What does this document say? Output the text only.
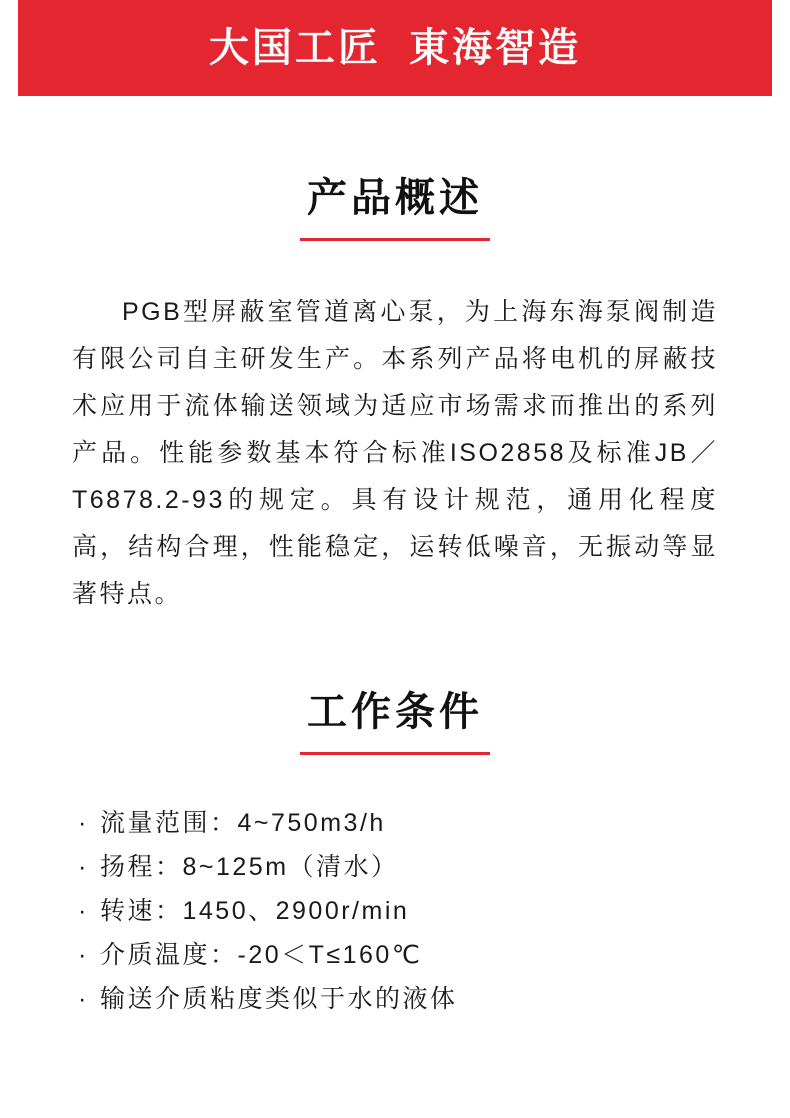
大国工匠  東海智造
产品概述

PGB型屏蔽室管道离心泵，为上海东海泵阀制造有限公司自主研发生产。本系列产品将电机的屏蔽技术应用于流体输送领域为适应市场需求而推出的系列产品。性能参数基本符合标准ISO2858及标准JB／T6878.2-93的规定。具有设计规范，通用化程度高，结构合理，性能稳定，运转低噪音，无振动等显著特点。

工作条件
· 流量范围：4~750m3/h
· 扬程：8~125m（清水）
· 转速：1450、2900r/min
· 介质温度：-20＜T≤160℃
· 输送介质粘度类似于水的液体
